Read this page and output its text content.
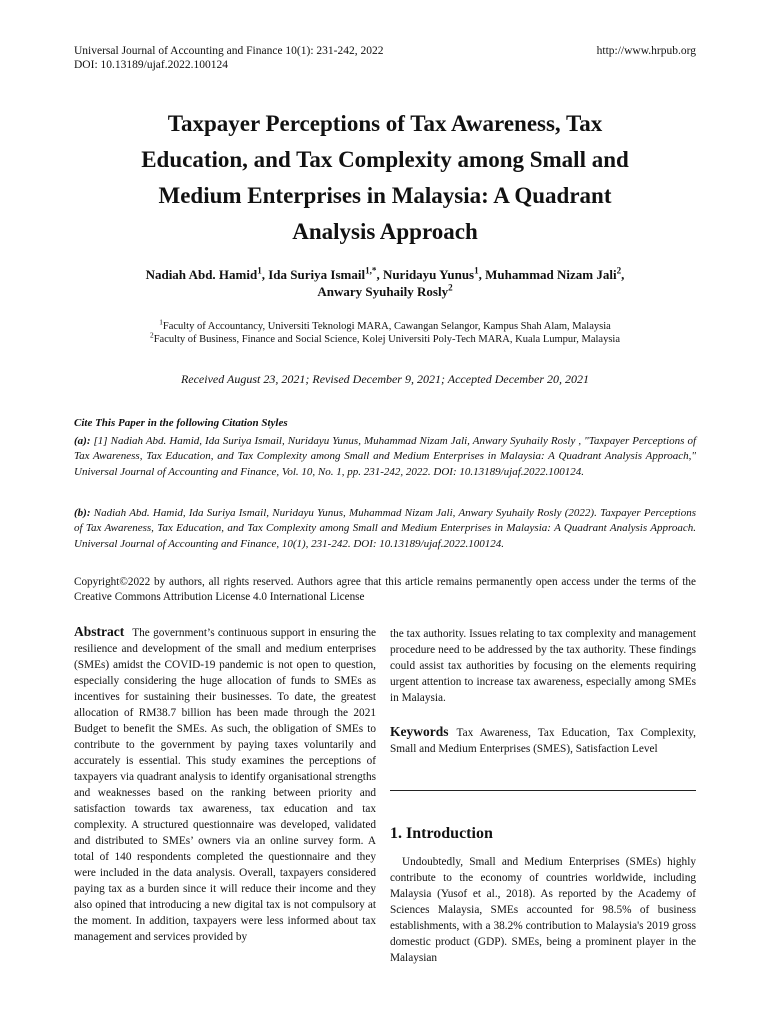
Universal Journal of Accounting and Finance 10(1): 231-242, 2022
DOI: 10.13189/ujaf.2022.100124
http://www.hrpub.org
Taxpayer Perceptions of Tax Awareness, Tax
Education, and Tax Complexity among Small and
Medium Enterprises in Malaysia: A Quadrant
Analysis Approach
Nadiah Abd. Hamid$^1$, Ida Suriya Ismail$^{1,*}$, Nuridayu Yunus$^1$, Muhammad Nizam Jali$^2$,
Anwary Syuhaily Rosly$^2$
$^1$Faculty of Accountancy, Universiti Teknologi MARA, Cawangan Selangor, Kampus Shah Alam, Malaysia
$^2$Faculty of Business, Finance and Social Science, Kolej Universiti Poly-Tech MARA, Kuala Lumpur, Malaysia
Received August 23, 2021; Revised December 9, 2021; Accepted December 20, 2021
Cite This Paper in the following Citation Styles
(a): [1] Nadiah Abd. Hamid, Ida Suriya Ismail, Nuridayu Yunus, Muhammad Nizam Jali, Anwary Syuhaily Rosly , "Taxpayer Perceptions of Tax Awareness, Tax Education, and Tax Complexity among Small and Medium Enterprises in Malaysia: A Quadrant Analysis Approach," Universal Journal of Accounting and Finance, Vol. 10, No. 1, pp. 231-242, 2022. DOI: 10.13189/ujaf.2022.100124.
(b): Nadiah Abd. Hamid, Ida Suriya Ismail, Nuridayu Yunus, Muhammad Nizam Jali, Anwary Syuhaily Rosly (2022). Taxpayer Perceptions of Tax Awareness, Tax Education, and Tax Complexity among Small and Medium Enterprises in Malaysia: A Quadrant Analysis Approach. Universal Journal of Accounting and Finance, 10(1), 231-242. DOI: 10.13189/ujaf.2022.100124.
Copyright©2022 by authors, all rights reserved. Authors agree that this article remains permanently open access under the terms of the Creative Commons Attribution License 4.0 International License
Abstract The government’s continuous support in ensuring the resilience and development of the small and medium enterprises (SMEs) amidst the COVID-19 pandemic is not open to question, especially considering the huge allocation of funds to SMEs as incentives for sustaining their businesses. To date, the greatest allocation of RM38.7 billion has been made through the 2021 Budget to benefit the SMEs. As such, the obligation of SMEs to contribute to the government by paying taxes voluntarily and accurately is essential. This study examines the perceptions of taxpayers via quadrant analysis to identify organisational strengths and weaknesses based on the ranking between priority and satisfaction towards tax awareness, tax education and tax complexity. A structured questionnaire was developed, validated and distributed to SMEs’ owners via an online survey form. A total of 140 respondents completed the questionnaire and they were included in the data analysis. Overall, taxpayers considered paying tax as a burden since it will reduce their income and they also opined that introducing a new digital tax is not compulsory at the moment. In addition, taxpayers were less informed about tax management and services provided by
the tax authority. Issues relating to tax complexity and management procedure need to be addressed by the tax authority. These findings could assist tax authorities by focusing on the elements requiring urgent attention to increase tax awareness, especially among SMEs in Malaysia.
Keywords Tax Awareness, Tax Education, Tax Complexity, Small and Medium Enterprises (SMES), Satisfaction Level
1. Introduction
Undoubtedly, Small and Medium Enterprises (SMEs) highly contribute to the economy of countries worldwide, including Malaysia (Yusof et al., 2018). As reported by the Academy of Sciences Malaysia, SMEs accounted for 98.5% of business establishments, with a 38.2% contribution to Malaysia's 2019 gross domestic product (GDP). SMEs, being a prominent player in the Malaysian
